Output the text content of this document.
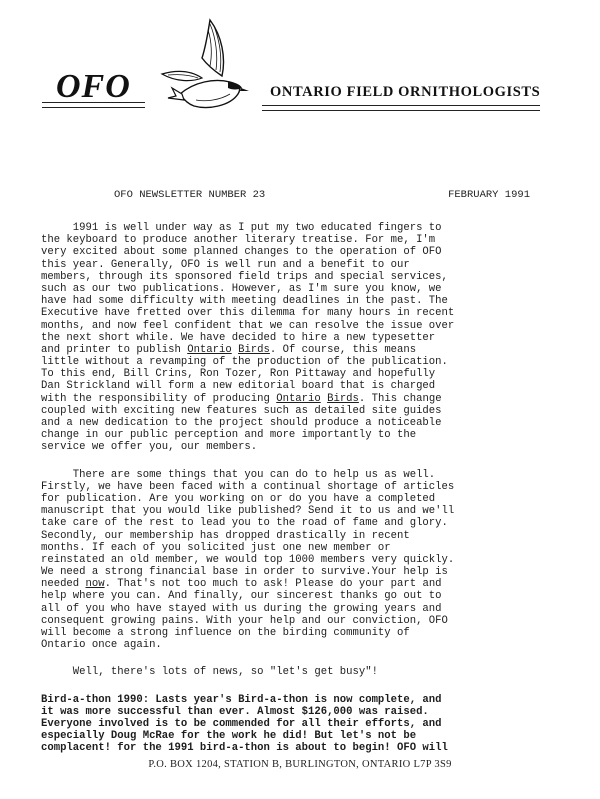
OFO	ONTARIO FIELD ORNITHOLOGISTS
OFO NEWSLETTER NUMBER 23	FEBRUARY 1991
1991 is well under way as I put my two educated fingers to
the keyboard to produce another literary treatise. For me, I'm
very excited about some planned changes to the operation of OFO
this year. Generally, OFO is well run and a benefit to our
members, through its sponsored field trips and special services,
such as our two publications. However, as I'm sure you know, we
have had some difficulty with meeting deadlines in the past. The
Executive have fretted over this dilemma for many hours in recent
months, and now feel confident that we can resolve the issue over
the next short while. We have decided to hire a new typesetter
and printer to publish Ontario Birds. Of course, this means
little without a revamping of the production of the publication.
To this end, Bill Crins, Ron Tozer, Ron Pittaway and hopefully
Dan Strickland will form a new editorial board that is charged
with the responsibility of producing Ontario Birds. This change
coupled with exciting new features such as detailed site guides
and a new dedication to the project should produce a noticeable
change in our public perception and more importantly to the
service we offer you, our members.
There are some things that you can do to help us as well.
Firstly, we have been faced with a continual shortage of articles
for publication. Are you working on or do you have a completed
manuscript that you would like published? Send it to us and we'll
take care of the rest to lead you to the road of fame and glory.
Secondly, our membership has dropped drastically in recent
months. If each of you solicited just one new member or
reinstated an old member, we would top 1000 members very quickly.
We need a strong financial base in order to survive.Your help is
needed now. That's not too much to ask! Please do your part and
help where you can. And finally, our sincerest thanks go out to
all of you who have stayed with us during the growing years and
consequent growing pains. With your help and our conviction, OFO
will become a strong influence on the birding community of
Ontario once again.
Well, there's lots of news, so "let's get busy"!
Bird-a-thon 1990: Lasts year's Bird-a-thon is now complete, and
it was more successful than ever. Almost $126,000 was raised.
Everyone involved is to be commended for all their efforts, and
especially Doug McRae for the work he did! But let's not be
complacent! for the 1991 bird-a-thon is about to begin! OFO will
P.O. BOX 1204, STATION B, BURLINGTON, ONTARIO L7P 3S9
